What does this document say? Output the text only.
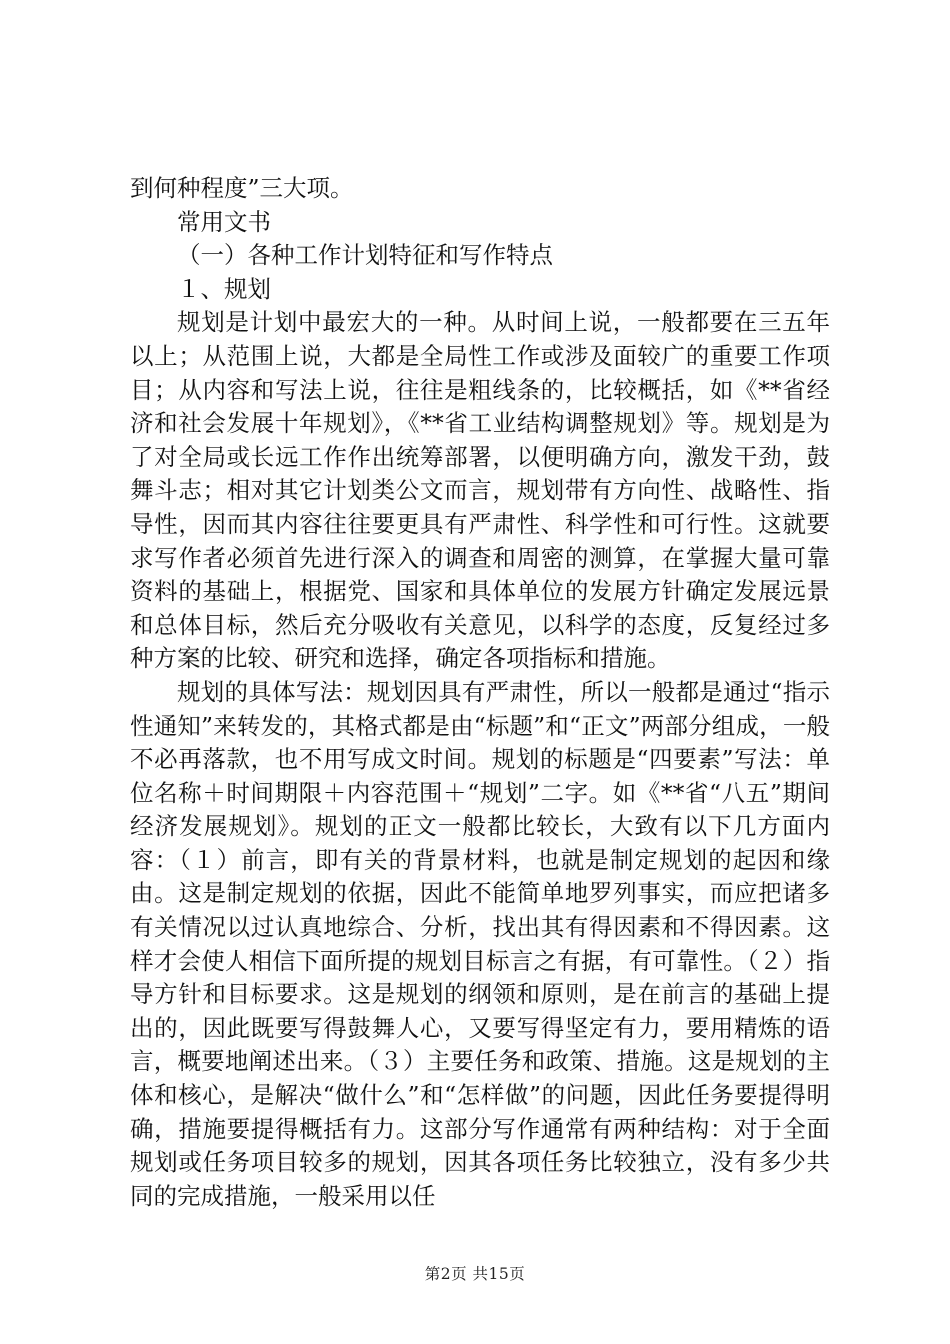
到何种程度”三大项。

常用文书

（一）各种工作计划特征和写作特点

１、规划

规划是计划中最宏大的一种。从时间上说，一般都要在三五年以上；从范围上说，大都是全局性工作或涉及面较广的重要工作项目；从内容和写法上说，往往是粗线条的，比较概括，如《**省经济和社会发展十年规划》，《**省工业结构调整规划》等。规划是为了对全局或长远工作作出统筹部署，以便明确方向，激发干劲，鼓舞斗志；相对其它计划类公文而言，规划带有方向性、战略性、指导性，因而其内容往往要更具有严肃性、科学性和可行性。这就要求写作者必须首先进行深入的调查和周密的测算，在掌握大量可靠资料的基础上，根据党、国家和具体单位的发展方针确定发展远景和总体目标，然后充分吸收有关意见，以科学的态度，反复经过多种方案的比较、研究和选择，确定各项指标和措施。

规划的具体写法：规划因具有严肃性，所以一般都是通过“指示性通知”来转发的，其格式都是由“标题”和“正文”两部分组成，一般不必再落款，也不用写成文时间。规划的标题是“四要素”写法：单位名称＋时间期限＋内容范围＋“规划”二字。如《**省“八五”期间经济发展规划》。规划的正文一般都比较长，大致有以下几方面内容：（１）前言，即有关的背景材料，也就是制定规划的起因和缘由。这是制定规划的依据，因此不能简单地罗列事实，而应把诸多有关情况以过认真地综合、分析，找出其有得因素和不得因素。这样才会使人相信下面所提的规划目标言之有据，有可靠性。（２）指导方针和目标要求。这是规划的纲领和原则，是在前言的基础上提出的，因此既要写得鼓舞人心，又要写得坚定有力，要用精炼的语言，概要地阐述出来。（３）主要任务和政策、措施。这是规划的主体和核心，是解决“做什么”和“怎样做”的问题，因此任务要提得明确，措施要提得概括有力。这部分写作通常有两种结构：对于全面规划或任务项目较多的规划，因其各项任务比较独立，没有多少共同的完成措施，一般采用以任

第2页 共15页
